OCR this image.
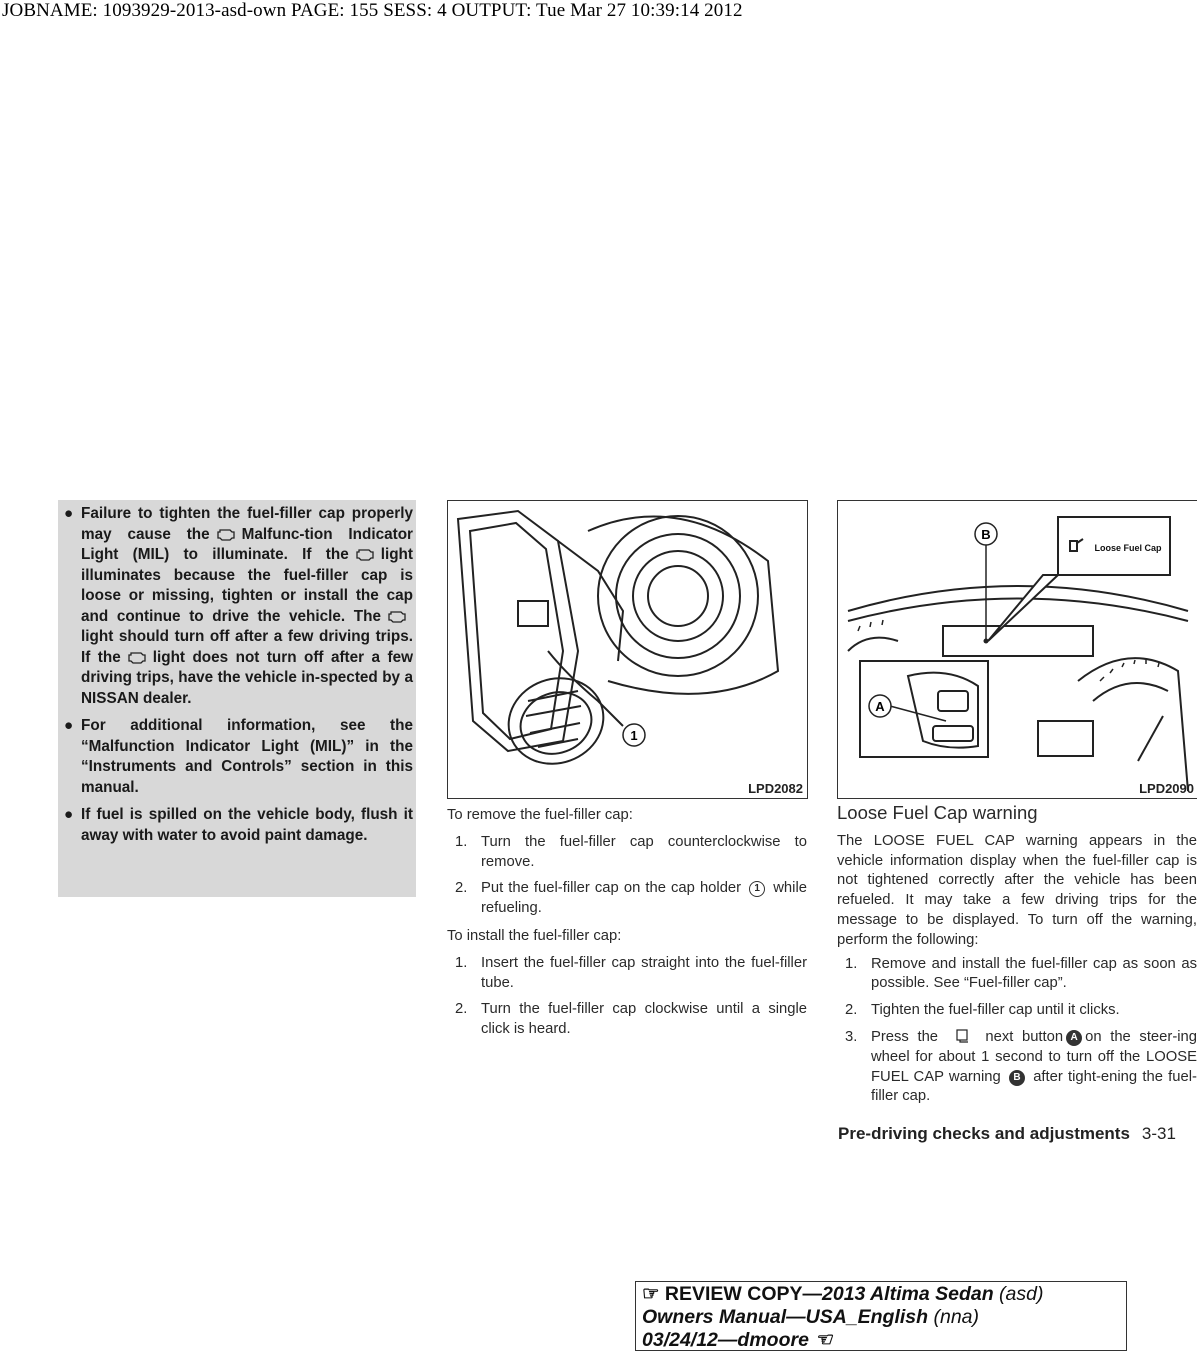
JOBNAME: 1093929-2013-asd-own PAGE: 155 SESS: 4 OUTPUT: Tue Mar 27 10:39:14 2012
● Failure to tighten the fuel-filler cap properly may cause the Malfunc-tion Indicator Light (MIL) to illuminate. If the light illuminates because the fuel-filler cap is loose or missing, tighten or install the cap and continue to drive the vehicle. Thelight should turn off after a few driving trips. If the light does not turn off after a few driving trips, have the vehicle in-spected by a NISSAN dealer.
● For additional information, see the “Malfunction Indicator Light (MIL)” in the “Instruments and Controls” section in this manual.
● If fuel is spilled on the vehicle body, flush it away with water to avoid paint damage.
1
LPD2082
Loose Fuel Cap
B
A
LPD2090

To remove the fuel-filler cap:

1. Turn the fuel-filler cap counterclockwise to remove.
2. Put the fuel-filler cap on the cap holder 1 while refueling.

To install the fuel-filler cap:

1. Insert the fuel-filler cap straight into the fuel-filler tube.
2. Turn the fuel-filler cap clockwise until a single click is heard.
Loose Fuel Cap warning

The LOOSE FUEL CAP warning appears in the vehicle information display when the fuel-filler cap is not tightened correctly after the vehicle has been refueled. It may take a few driving trips for the message to be displayed. To turn off the warning, perform the following:

1. Remove and install the fuel-filler cap as soon as possible. See “Fuel-filler cap”.
2. Tighten the fuel-filler cap until it clicks.
3. Press the	next button A on the steer-ing wheel for about 1 second to turn off the LOOSE FUEL CAP warning B after tight-ening the fuel-filler cap.
Pre-driving checks and adjustments 3-31
☞ REVIEW COPY—2013 Altima Sedan (asd)
Owners Manual—USA_English (nna)
03/24/12—dmoore ☜
